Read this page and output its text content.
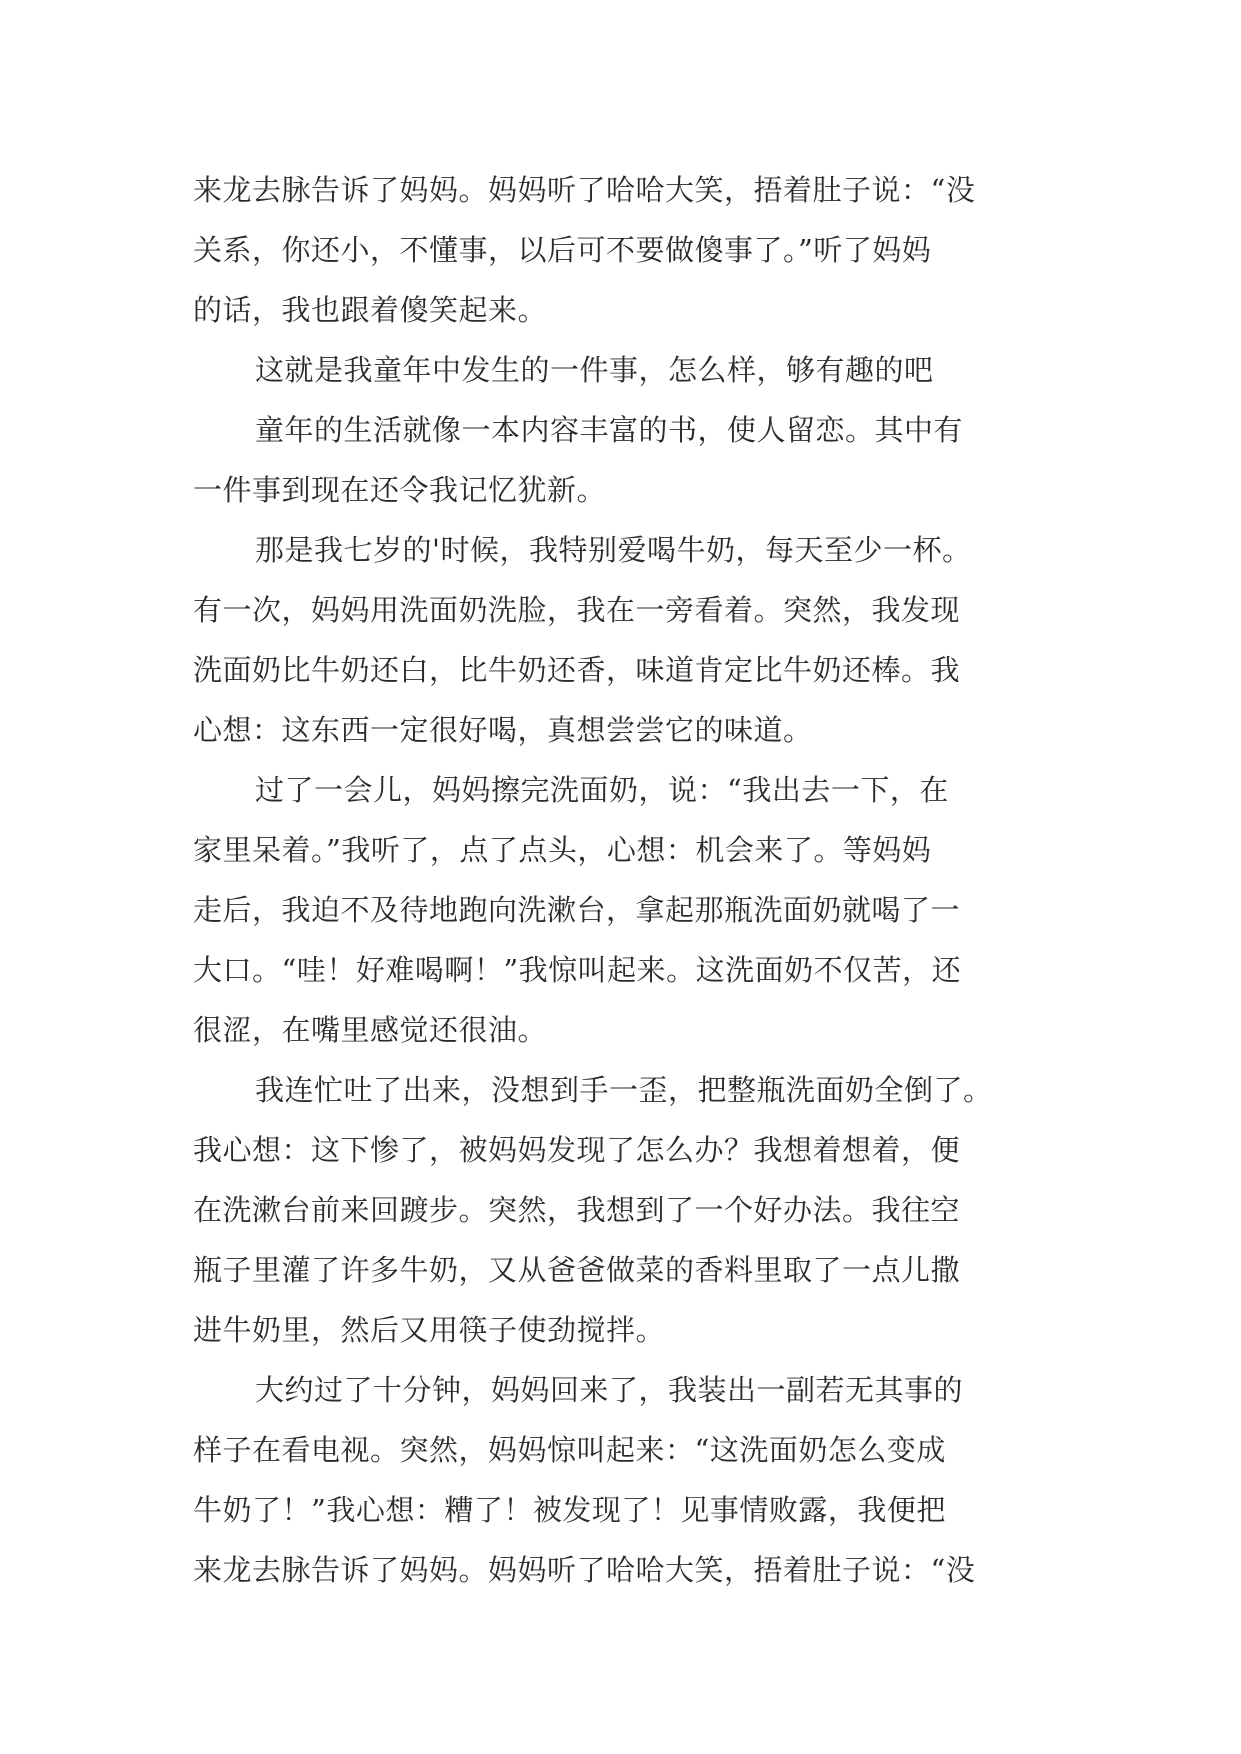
来龙去脉告诉了妈妈。妈妈听了哈哈大笑，捂着肚子说：“没
关系，你还小，不懂事，以后可不要做傻事了。”听了妈妈
的话，我也跟着傻笑起来。
这就是我童年中发生的一件事，怎么样，够有趣的吧
童年的生活就像一本内容丰富的书，使人留恋。其中有
一件事到现在还令我记忆犹新。
那是我七岁的'时候，我特别爱喝牛奶，每天至少一杯。
有一次，妈妈用洗面奶洗脸，我在一旁看着。突然，我发现
洗面奶比牛奶还白，比牛奶还香，味道肯定比牛奶还棒。我
心想：这东西一定很好喝，真想尝尝它的味道。
过了一会儿，妈妈擦完洗面奶，说：“我出去一下，在
家里呆着。”我听了，点了点头，心想：机会来了。等妈妈
走后，我迫不及待地跑向洗漱台，拿起那瓶洗面奶就喝了一
大口。“哇！好难喝啊！”我惊叫起来。这洗面奶不仅苦，还
很涩，在嘴里感觉还很油。
我连忙吐了出来，没想到手一歪，把整瓶洗面奶全倒了。
我心想：这下惨了，被妈妈发现了怎么办？我想着想着，便
在洗漱台前来回踱步。突然，我想到了一个好办法。我往空
瓶子里灌了许多牛奶，又从爸爸做菜的香料里取了一点儿撒
进牛奶里，然后又用筷子使劲搅拌。
大约过了十分钟，妈妈回来了，我装出一副若无其事的
样子在看电视。突然，妈妈惊叫起来：“这洗面奶怎么变成
牛奶了！”我心想：糟了！被发现了！见事情败露，我便把
来龙去脉告诉了妈妈。妈妈听了哈哈大笑，捂着肚子说：“没
